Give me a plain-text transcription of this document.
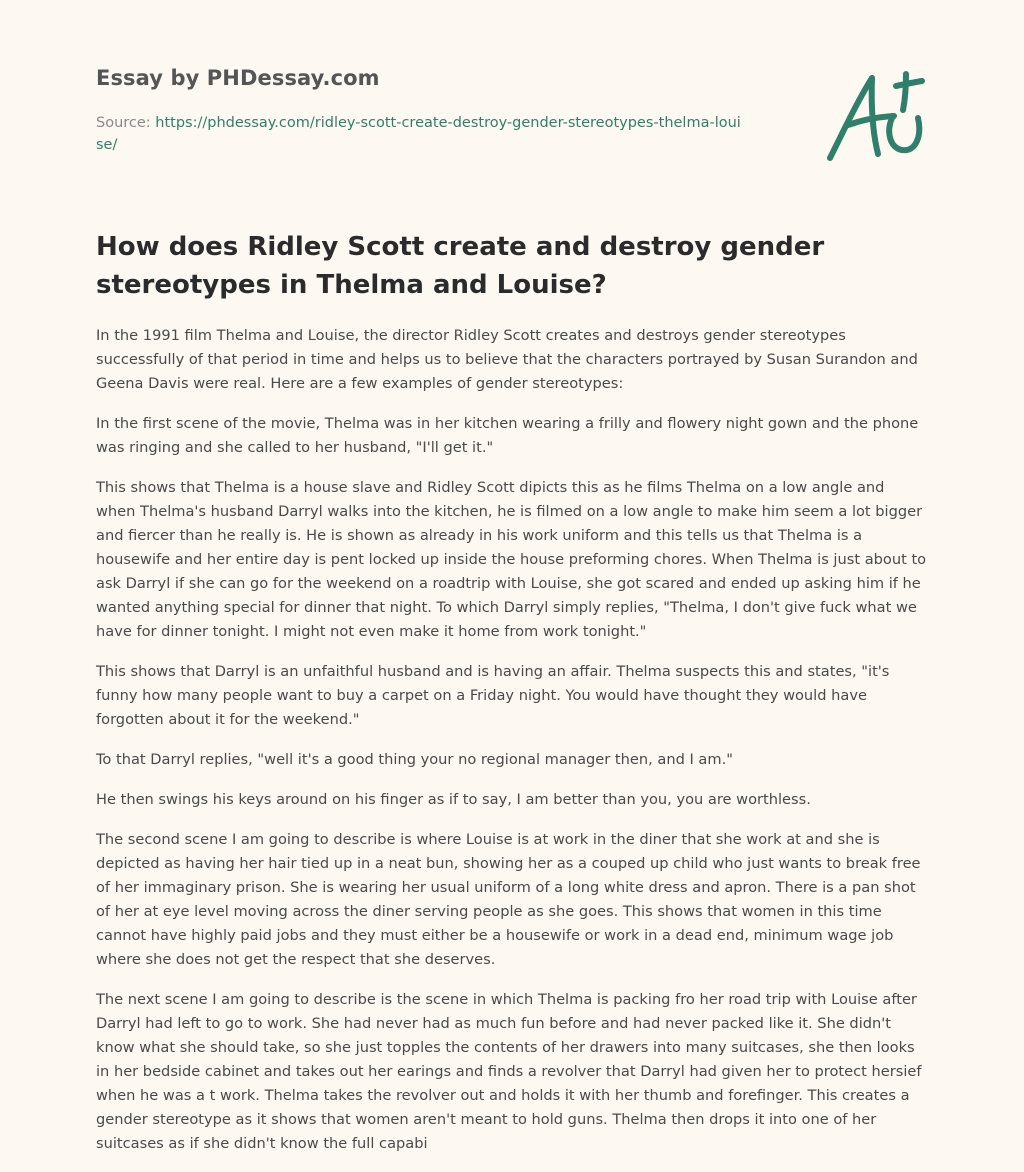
Essay by PHDessay.com
Source: https://phdessay.com/ridley-scott-create-destroy-gender-stereotypes-thelma-louise/
How does Ridley Scott create and destroy gender stereotypes in Thelma and Louise?

In the 1991 film Thelma and Louise, the director Ridley Scott creates and destroys gender stereotypes successfully of that period in time and helps us to believe that the characters portrayed by Susan Surandon and Geena Davis were real. Here are a few examples of gender stereotypes:

In the first scene of the movie, Thelma was in her kitchen wearing a frilly and flowery night gown and the phone was ringing and she called to her husband, "I'll get it."

This shows that Thelma is a house slave and Ridley Scott dipicts this as he films Thelma on a low angle and when Thelma's husband Darryl walks into the kitchen, he is filmed on a low angle to make him seem a lot bigger and fiercer than he really is. He is shown as already in his work uniform and this tells us that Thelma is a housewife and her entire day is pent locked up inside the house preforming chores. When Thelma is just about to ask Darryl if she can go for the weekend on a roadtrip with Louise, she got scared and ended up asking him if he wanted anything special for dinner that night. To which Darryl simply replies, "Thelma, I don't give fuck what we have for dinner tonight. I might not even make it home from work tonight."

This shows that Darryl is an unfaithful husband and is having an affair. Thelma suspects this and states, "it's funny how many people want to buy a carpet on a Friday night. You would have thought they would have forgotten about it for the weekend."

To that Darryl replies, "well it's a good thing your no regional manager then, and I am."

He then swings his keys around on his finger as if to say, I am better than you, you are worthless.

The second scene I am going to describe is where Louise is at work in the diner that she work at and she is depicted as having her hair tied up in a neat bun, showing her as a couped up child who just wants to break free of her immaginary prison. She is wearing her usual uniform of a long white dress and apron. There is a pan shot of her at eye level moving across the diner serving people as she goes. This shows that women in this time cannot have highly paid jobs and they must either be a housewife or work in a dead end, minimum wage job where she does not get the respect that she deserves.

The next scene I am going to describe is the scene in which Thelma is packing fro her road trip with Louise after Darryl had left to go to work. She had never had as much fun before and had never packed like it. She didn't know what she should take, so she just topples the contents of her drawers into many suitcases, she then looks in her bedside cabinet and takes out her earings and finds a revolver that Darryl had given her to protect hersief when he was a t work. Thelma takes the revolver out and holds it with her thumb and forefinger. This creates a gender stereotype as it shows that women aren't meant to hold guns. Thelma then drops it into one of her suitcases as if she didn't know the full capabi
